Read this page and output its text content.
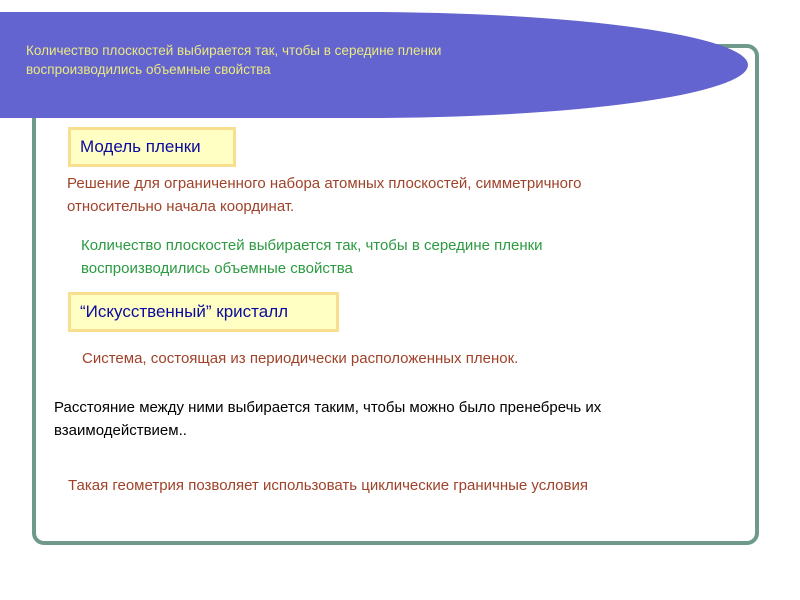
Количество плоскостей выбирается так, чтобы в середине пленки
воспроизводились объемные свойства
Модель пленки
Решение для ограниченного набора атомных плоскостей, симметричного
относительно начала координат.
Количество плоскостей выбирается так, чтобы в середине пленки
воспроизводились объемные свойства
“Искусственный” кристалл
Система, состоящая из периодически расположенных пленок.
Расстояние между ними выбирается таким, чтобы можно было пренебречь их
взаимодействием..
Такая геометрия позволяет использовать циклические граничные условия
